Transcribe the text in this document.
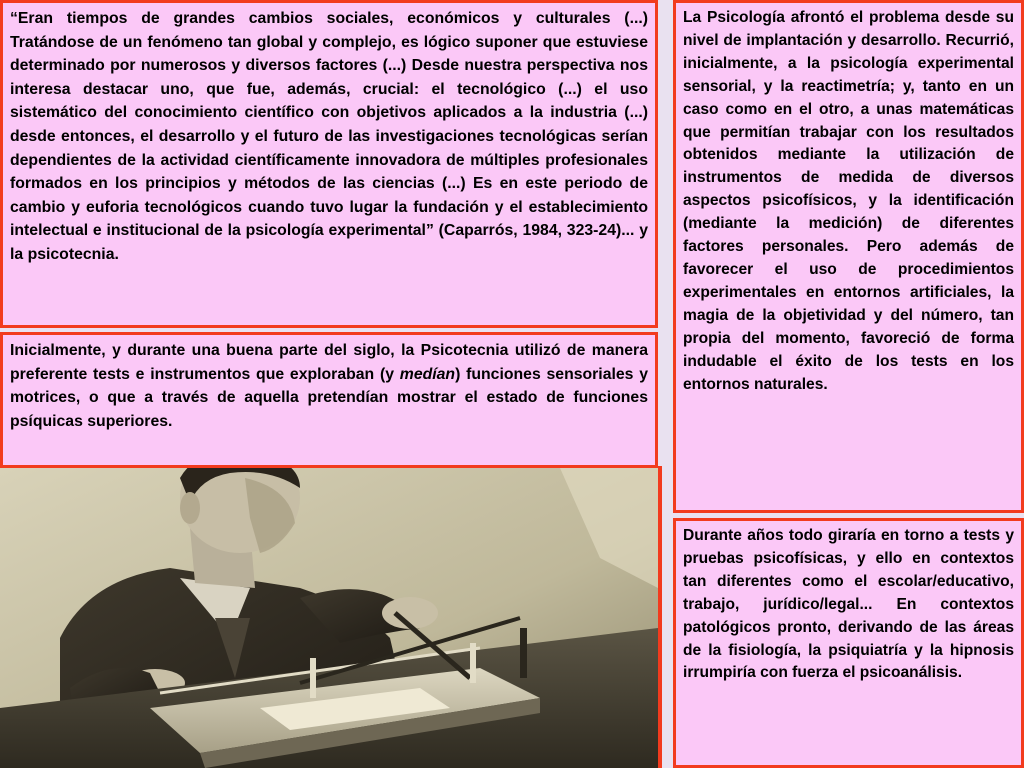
“Eran tiempos de grandes cambios sociales, económicos y culturales (...) Tratándose de un fenómeno tan global y complejo, es lógico suponer que estuviese determinado por numerosos y diversos factores (...) Desde nuestra perspectiva nos interesa destacar uno, que fue, además, crucial: el tecnológico (...) el uso sistemático del conocimiento científico con objetivos aplicados a la industria (...) desde entonces, el desarrollo y el futuro de las investigaciones tecnológicas serían dependientes de la actividad científicamente innovadora de múltiples profesionales formados en los principios y métodos de las ciencias (...) Es en este periodo de cambio y euforia tecnológicos cuando tuvo lugar la fundación y el establecimiento intelectual e institucional de la psicología experimental” (Caparrós, 1984, 323-24)... y la psicotecnia.

Inicialmente, y durante una buena parte del siglo, la Psicotecnia utilizó de manera preferente tests e instrumentos que exploraban (y medían) funciones sensoriales y motrices, o que a través de aquella pretendían mostrar el estado de funciones psíquicas superiores.

La Psicología afrontó el problema desde su nivel de implantación y desarrollo. Recurrió, inicialmente, a la psicología experimental sensorial, y la reactimetría; y, tanto en un caso como en el otro, a unas matemáticas que permitían trabajar con los resultados obtenidos mediante la utilización de instrumentos de medida de diversos aspectos psicofísicos, y la identificación (mediante la medición) de diferentes factores personales. Pero además de favorecer el uso de procedimientos experimentales en entornos artificiales, la magia de la objetividad y del número, tan propia del momento, favoreció de forma indudable el éxito de los tests en los entornos naturales.

Durante años todo giraría en torno a tests y pruebas psicofísicas, y ello en contextos tan diferentes como el escolar/educativo, trabajo, jurídico/legal... En contextos patológicos pronto, derivando de las áreas de la fisiología, la psiquiatría y la hipnosis irrumpiría con fuerza el psicoanálisis.
